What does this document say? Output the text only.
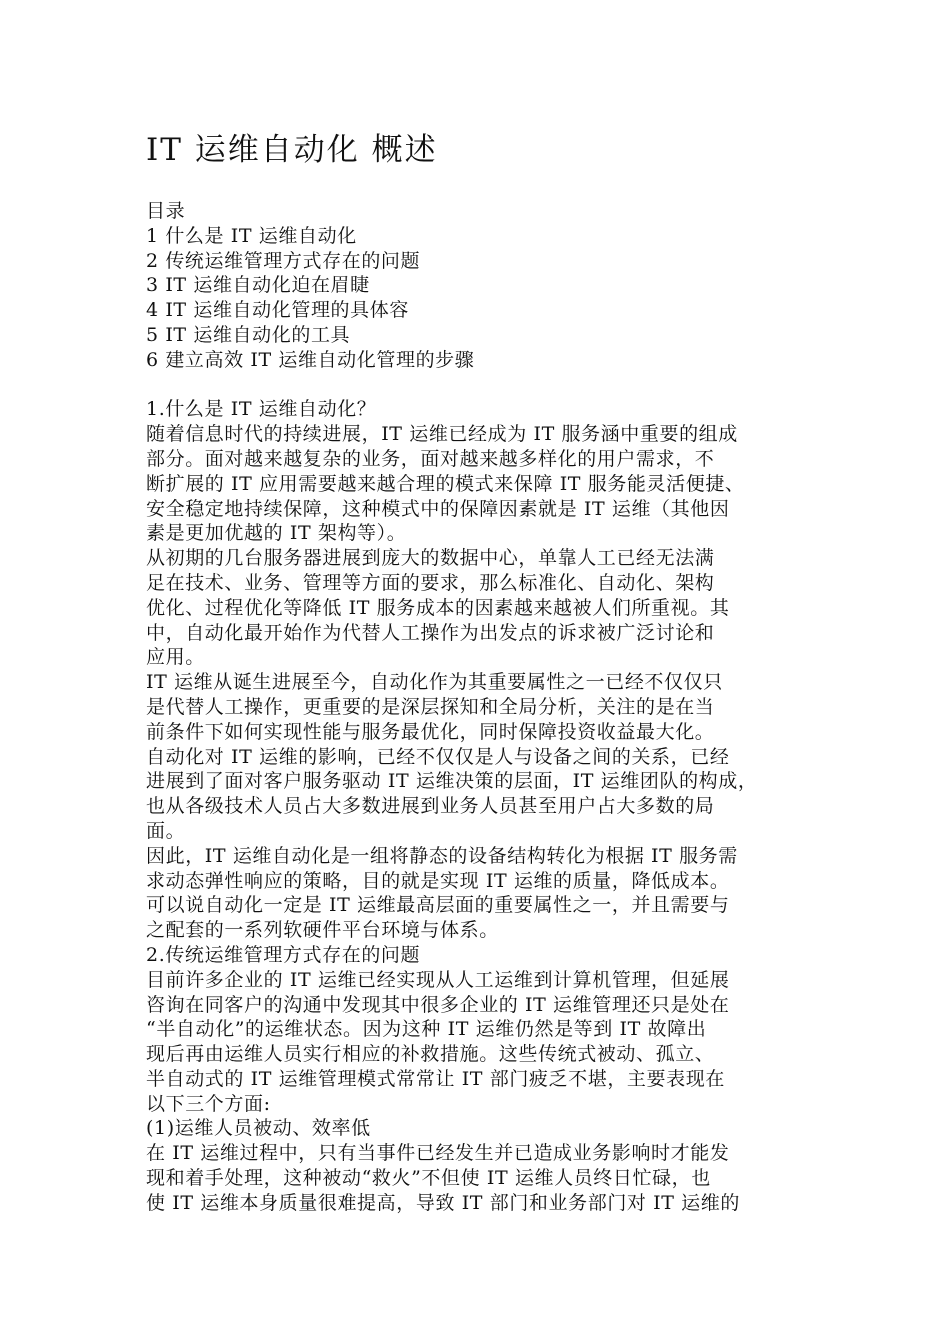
IT 运维自动化 概述
目录
1 什么是 IT 运维自动化
2 传统运维管理方式存在的问题
3 IT 运维自动化迫在眉睫
4 IT 运维自动化管理的具体容
5 IT 运维自动化的工具
6 建立高效 IT 运维自动化管理的步骤
1.什么是 IT 运维自动化？
随着信息时代的持续进展，IT 运维已经成为 IT 服务涵中重要的组成
部分。面对越来越复杂的业务，面对越来越多样化的用户需求，不
断扩展的 IT 应用需要越来越合理的模式来保障 IT 服务能灵活便捷、
安全稳定地持续保障，这种模式中的保障因素就是 IT 运维（其他因
素是更加优越的 IT 架构等）。
从初期的几台服务器进展到庞大的数据中心，单靠人工已经无法满
足在技术、业务、管理等方面的要求，那么标准化、自动化、架构
优化、过程优化等降低 IT 服务成本的因素越来越被人们所重视。其
中，自动化最开始作为代替人工操作为出发点的诉求被广泛讨论和
应用。
IT 运维从诞生进展至今，自动化作为其重要属性之一已经不仅仅只
是代替人工操作，更重要的是深层探知和全局分析，关注的是在当
前条件下如何实现性能与服务最优化，同时保障投资收益最大化。
自动化对 IT 运维的影响，已经不仅仅是人与设备之间的关系，已经
进展到了面对客户服务驱动 IT 运维决策的层面，IT 运维团队的构成，
也从各级技术人员占大多数进展到业务人员甚至用户占大多数的局
面。
因此，IT 运维自动化是一组将静态的设备结构转化为根据 IT 服务需
求动态弹性响应的策略，目的就是实现 IT 运维的质量，降低成本。
可以说自动化一定是 IT 运维最高层面的重要属性之一，并且需要与
之配套的一系列软硬件平台环境与体系。
2.传统运维管理方式存在的问题
目前许多企业的 IT 运维已经实现从人工运维到计算机管理，但延展
咨询在同客户的沟通中发现其中很多企业的 IT 运维管理还只是处在
“半自动化”的运维状态。因为这种 IT 运维仍然是等到 IT 故障出
现后再由运维人员实行相应的补救措施。这些传统式被动、孤立、
半自动式的 IT 运维管理模式常常让 IT 部门疲乏不堪，主要表现在
以下三个方面:
(1)运维人员被动、效率低
在 IT 运维过程中，只有当事件已经发生并已造成业务影响时才能发
现和着手处理，这种被动“救火”不但使 IT 运维人员终日忙碌，也
使 IT 运维本身质量很难提高，导致 IT 部门和业务部门对 IT 运维的
